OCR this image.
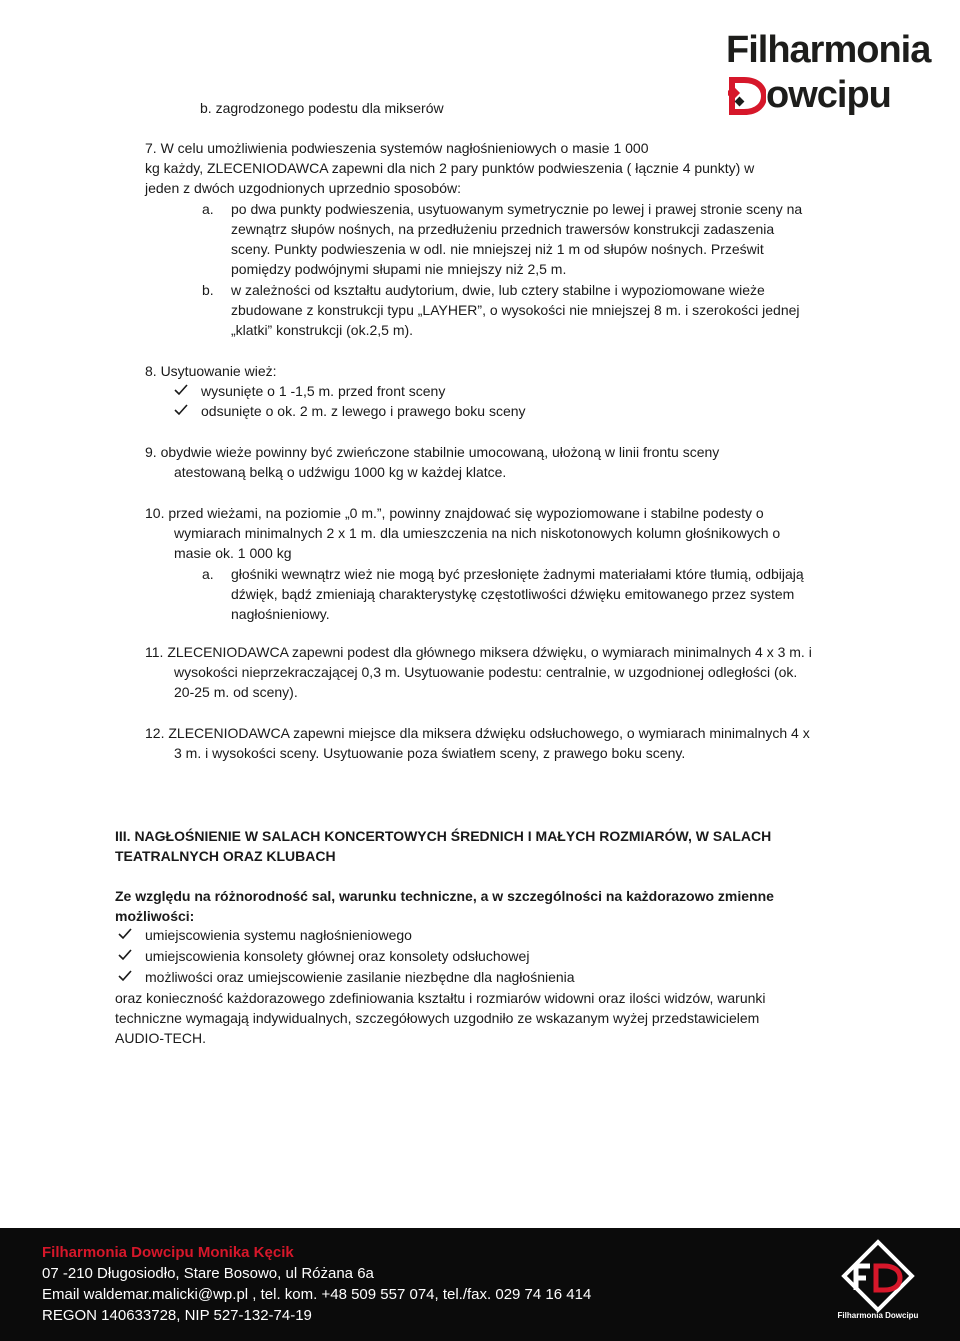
Filharmonia
owcipu
b. zagrodzonego podestu dla mikserów
7. W celu umożliwienia podwieszenia systemów nagłośnieniowych o masie 1 000
kg każdy, ZLECENIODAWCA zapewni dla nich 2 pary punktów podwieszenia ( łącznie 4 punkty) w
jeden z dwóch uzgodnionych uprzednio sposobów:
a. po dwa punkty podwieszenia, usytuowanym symetrycznie po lewej i prawej stronie sceny na
zewnątrz słupów nośnych, na przedłużeniu przednich trawersów konstrukcji zadaszenia
sceny. Punkty podwieszenia w odl. nie mniejszej niż 1 m od słupów nośnych. Prześwit
pomiędzy podwójnymi słupami nie mniejszy niż 2,5 m.
b. w zależności od kształtu audytorium, dwie, lub cztery stabilne i wypoziomowane wieże
zbudowane z konstrukcji typu „LAYHER”, o wysokości nie mniejszej 8 m. i szerokości jednej
„klatki” konstrukcji (ok.2,5 m).
8. Usytuowanie wież:
wysunięte o 1 -1,5 m. przed front sceny
odsunięte o ok. 2 m. z lewego i prawego boku sceny
9. obydwie wieże powinny być zwieńczone stabilnie umocowaną, ułożoną w linii frontu sceny
atestowaną belką o udźwigu 1000 kg w każdej klatce.
10. przed wieżami, na poziomie „0 m.”, powinny znajdować się wypoziomowane i stabilne podesty o
wymiarach minimalnych 2 x 1 m. dla umieszczenia na nich niskotonowych kolumn głośnikowych o
masie ok. 1 000 kg
a. głośniki wewnątrz wież nie mogą być przesłonięte żadnymi materiałami które tłumią, odbijają
dźwięk, bądź zmieniają charakterystykę częstotliwości dźwięku emitowanego przez system
nagłośnieniowy.
11. ZLECENIODAWCA zapewni podest dla głównego miksera dźwięku, o wymiarach minimalnych 4 x 3 m. i
wysokości nieprzekraczającej 0,3 m. Usytuowanie podestu: centralnie, w uzgodnionej odległości (ok.
20-25 m. od sceny).
12. ZLECENIODAWCA zapewni miejsce dla miksera dźwięku odsłuchowego, o wymiarach minimalnych 4 x
3 m. i wysokości sceny. Usytuowanie poza światłem sceny, z prawego boku sceny.
III. NAGŁOŚNIENIE W SALACH KONCERTOWYCH ŚREDNICH I MAŁYCH ROZMIARÓW, W SALACH
TEATRALNYCH ORAZ KLUBACH
Ze względu na różnorodność sal, warunku techniczne, a w szczególności na każdorazowo zmienne
możliwości:
umiejscowienia systemu nagłośnieniowego
umiejscowienia konsolety głównej oraz konsolety odsłuchowej
możliwości oraz umiejscowienie zasilanie niezbędne dla nagłośnienia
oraz konieczność każdorazowego zdefiniowania kształtu i rozmiarów widowni oraz ilości widzów, warunki
techniczne wymagają indywidualnych, szczegółowych uzgodniło ze wskazanym wyżej przedstawicielem
AUDIO-TECH.
Filharmonia Dowcipu Monika Kęcik
07 -210 Długosiodło, Stare Bosowo, ul Różana 6a
Email waldemar.malicki@wp.pl , tel. kom. +48 509 557 074, tel./fax. 029 74 16 414
REGON 140633728, NIP 527-132-74-19	Filharmonia Dowcipu
